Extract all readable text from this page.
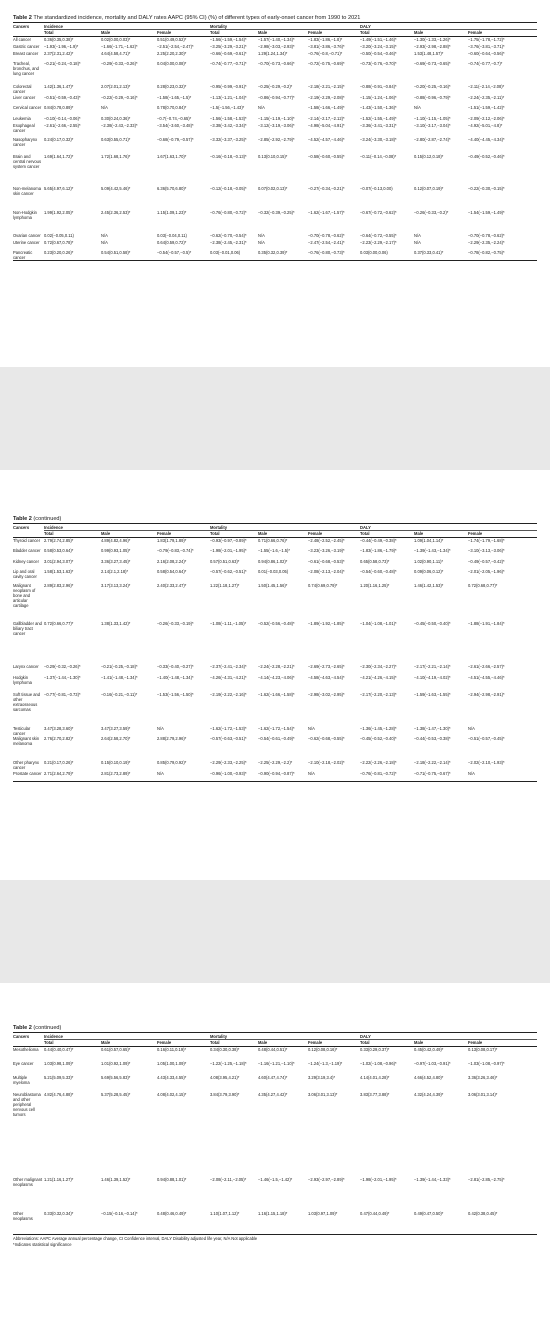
Table 2 The standardized incidence, mortality and DALY rates AAPC (95% CI) (%) of different types of early-onset cancer from 1990 to 2021

Cancers	Incidence			Mortality			DALY		
	Total	Male	Female	Total	Male	Female	Total	Male	Female
All cancer	0.36(0.35,0.38)*	0.02(0.00,0.03)*	0.51(0.49,0.52)*	−1.56(−1.59,−1.54)*	−1.57(−1.40,−1.34)*	−1.83(−1.86,−1.8)*	−1.49(−1.51,−1.46)*	−1.30(−1.33,−1.26)*	−1.75(−1.78,−1.72)*
Gastric cancer	−1.93(−1.96,−1.9)*	−1.66(−1.71,−1.62)*	−2.51(−2.54,−2.47)*	−3.25(−3.29,−3.21)*	−2.98(−3.03,−2.93)*	−3.81(−3.86,−3.76)*	−3.20(−3.24,−3.15)*	−2.93(−2.98,−2.88)*	−3.76(−3.81,−3.71)*
Breast cancer	2.37(2.31,2.42)*	4.64(4.58,4.71)*	2.25(2.20,2.30)*	−0.66(−0.69,−0.61)*	1.29(1.24,1.34)*	−0.76(−0.8,−0.71)*	−0.50(−0.54,−0.46)*	1.53(1.48,1.57)*	−0.60(−0.64,−0.56)*
Tracheal, bronchus, and lung cancer	−0.21(−0.24,−0.18)*	−0.29(−0.33,−0.26)*	0.04(0.00,0.08)*	−0.74(−0.77,−0.71)*	−0.70(−0.73,−0.66)*	−0.72(−0.75,−0.69)*	−0.73(−0.76,−0.70)*	−0.69(−0.73,−0.65)*	−0.74(−0.77,−0.7)*
Colorectal cancer	1.42(1.36,1.47)*	2.07(2.01,2.13)*	0.28(0.23,0.32)*	−0.95(−0.99,−0.91)*	−0.25(−0.29,−0.2)*	−2.18(−2.21,−2.15)*	−0.88(−0.91,−0.84)*	−0.20(−0.25,−0.16)*	−2.11(−2.14,−2.08)*
Liver cancer	−0.51(−0.59,−0.43)*	−0.22(−0.29,−0.16)*	−1.58(−1.65,−1.5)*	−1.13(−1.21,−1.04)*	−0.86(−0.94,−0.77)*	−2.19(−2.29,−2.08)*	−1.15(−1.24,−1.06)*	−0.88(−0.96,−0.79)*	−2.24(−2.35,−2.11)*
Cervical cancer	0.84(0.78,0.89)*	N/A	0.78(0.70,0.84)*	−1.5(−1.56,−1.43)*	N/A	−1.58(−1.66,−1.49)*	−1.43(−1.50,−1.36)*	N/A	−1.51(−1.59,−1.42)*
Leukemia	−0.10(−0.14,−0.06)*	0.30(0.24,0.36)*	−0.7(−0.74,−0.65)*	−1.56(−1.58,−1.53)*	−1.15(−1.19,−1.10)*	−2.14(−2.17,−2.12)*	−1.52(−1.55,−1.49)*	−1.10(−1.15,−1.05)*	−2.09(−2.12,−2.06)*
Esophageal cancer	−2.61(−2.66,−2.55)*	−2.38(−2.43,−2.33)*	−3.54(−3.60,−3.48)*	−3.38(−3.42,−3.34)*	−3.12(−3.19,−3.06)*	−4.98(−5.04,−4.91)*	−3.36(−3.41,−3.31)*	−3.10(−3.17,−3.04)*	−4.92(−5.01,−4.8)*
Nasopharynx cancer	0.24(0.17,0.32)*	0.63(0.55,0.71)*	−0.68(−0.79,−0.57)*	−3.32(−3.37,−3.25)*	−2.85(−2.92,−2.79)*	−4.52(−4.57,−4.46)*	−3.24(−3.30,−3.18)*	−2.80(−2.87,−2.74)*	−4.40(−4.45,−4.34)*
Brain and central nervous system cancer	1.69(1.64,1.72)*	1.72(1.68,1.76)*	1.67(1.63,1.70)*	−0.16(−0.18,−0.13)*	0.13(0.10,0.15)*	−0.58(−0.60,−0.55)*	−0.11(−0.14,−0.08)*	0.15(0.12,0.18)*	−0.49(−0.52,−0.46)*
Non-melanoma skin cancer	5.65(4.97,6.12)*	5.09(4.42,5.46)*	6.36(5.70,6.80)*	−0.12(−0.18,−0.05)*	0.07(0.02,0.13)*	−0.27(−0.34,−0.21)*	−0.07(−0.13,0.00)	0.12(0.07,0.19)*	−0.22(−0.30,−0.15)*
Non-Hodgkin lymphoma	1.99(1.92,2.05)*	2.45(2.36,2.53)*	1.15(1.09,1.23)*	−0.76(−0.80,−0.72)*	−0.32(−0.39,−0.25)*	−1.62(−1.67,−1.57)*	−0.67(−0.72,−0.62)*	−0.26(−0.33,−0.2)*	−1.54(−1.59,−1.49)*
Ovarian cancer	0.02(−0.05,0.11)	N/A	0.03(−0.04,0.11)	−0.62(−0.70,−0.54)*	N/A	−0.70(−0.78,−0.62)*	−0.64(−0.72,−0.55)*	N/A	−0.70(−0.78,−0.62)*
Uterine cancer	0.72(0.67,0.78)*	N/A	0.64(0.59,0.72)*	−2.38(−2.45,−2.31)*	N/A	−2.47(−2.54,−2.41)*	−2.23(−2.29,−2.17)*	N/A	−2.29(−2.35,−2.24)*
Pancreatic cancer	0.23(0.20,0.26)*	0.54(0.51,0.58)*	−0.54(−0.57,−0.5)*	0.03(−0.01,0.06)	0.35(0.32,0.39)*	−0.76(−0.80,−0.73)*	0.03(0.00,0.06)	0.37(0.33,0.41)*	−0.78(−0.82,−0.75)*

Table 2 (continued)

Cancers	Incidence			Mortality			DALY		
	Total	Male	Female	Total	Male	Female	Total	Male	Female
Thyroid cancer	2.79(2.74,2.85)*	4.89(4.82,4.96)*	1.83(1.79,1.89)*	−0.93(−0.97,−0.89)*	0.71(0.66,0.76)*	−2.48(−2.52,−2.45)*	−0.44(−0.49,−0.38)*	1.09(1.04,1.14)*	−1.74(−1.79,−1.68)*
Bladder cancer	0.58(0.53,0.64)*	0.99(0.93,1.05)*	−0.79(−0.83,−0.74)*	−1.98(−2.01,−1.95)*	−1.55(−1.6,−1.5)*	−3.23(−3.26,−3.19)*	−1.83(−1.86,−1.79)*	−1.39(−1.43,−1.34)*	−3.10(−3.13,−3.06)*
Kidney cancer	3.01(2.94,3.07)*	3.36(3.27,3.45)*	2.16(2.08,2.24)*	0.57(0.51,0.63)*	0.94(0.86,1.02)*	−0.61(−0.68,−0.53)*	0.65(0.58,0.73)*	1.02(0.90,1.11)*	−0.49(−0.57,−0.42)*
Lip and oral cavity cancer	1.58(1.53,1.63)*	2.14(2.1,2.18)*	0.58(0.54,0.64)*	−0.57(−0.62,−0.51)*	0.01(−0.03,0.05)	−2.08(−2.13,−2.04)*	−0.54(−0.60,−0.48)*	0.09(0.06,0.12)*	−2.01(−2.05,−1.96)*
Malignant neoplasm of bone and articular cartilage	2.89(2.83,2.96)*	3.17(3.13,3.24)*	2.40(2.33,2.47)*	1.22(1.18,1.27)*	1.50(1.45,1.56)*	0.74(0.69,0.79)*	1.20(1.16,1.25)*	1.46(1.42,1.53)*	0.72(0.68,0.77)*
Gallbladder and biliary tract cancer	0.72(0.66,0.77)*	1.38(1.33,1.42)*	−0.26(−0.33,−0.19)*	−1.08(−1.11,−1.05)*	−0.52(−0.56,−0.48)*	−1.89(−1.92,−1.85)*	−1.04(−1.08,−1.01)*	−0.45(−0.50,−0.40)*	−1.88(−1.91,−1.84)*
Larynx cancer	−0.29(−0.32,−0.26)*	−0.21(−0.25,−0.18)*	−0.33(−0.40,−0.27)*	−2.37(−2.41,−2.34)*	−2.24(−2.28,−2.21)*	−2.69(−2.73,−2.65)*	−2.30(−2.34,−2.27)*	−2.17(−2.21,−2.14)*	−2.61(−2.66,−2.57)*
Hodgkin lymphoma	−1.37(−1.44,−1.30)*	−1.41(−1.48,−1.34)*	−1.40(−1.48,−1.34)*	−4.26(−4.31,−4.21)*	−4.14(−4.23,−4.06)*	−4.58(−4.63,−4.54)*	−4.21(−4.26,−4.15)*	−4.10(−4.19,−4.02)*	−4.51(−4.55,−4.46)*
Soft tissue and other extraosseous sarcomas	−0.77(−0.81,−0.73)*	−0.16(−0.21,−0.11)*	−1.53(−1.56,−1.50)*	−2.19(−2.22,−2.16)*	−1.62(−1.66,−1.58)*	−2.98(−3.02,−2.95)*	−2.17(−2.20,−2.13)*	−1.59(−1.63,−1.55)*	−2.94(−2.98,−2.91)*
Testicular cancer	3.47(3.28,3.60)*	3.47(3.27,3.59)*	N/A	−1.62(−1.72,−1.53)*	−1.62(−1.72,−1.54)*	N/A	−1.36(−1.45,−1.28)*	−1.38(−1.47,−1.30)*	N/A
Malignant skin melanoma	2.76(2.70,2.82)*	2.64(2.58,2.70)*	2.88(2.79,2.96)*	−0.57(−0.63,−0.51)*	−0.54(−0.61,−0.49)*	−0.62(−0.68,−0.55)*	−0.45(−0.52,−0.40)*	−0.44(−0.53,−0.38)*	−0.51(−0.57,−0.45)*
Other pharynx cancer	0.21(0.17,0.26)*	0.15(0.10,0.19)*	0.85(0.79,0.92)*	−2.29(−2.33,−2.25)*	−2.25(−2.29,−2.2)*	−2.10(−2.18,−2.02)*	−2.22(−2.26,−2.18)*	−2.18(−2.22,−2.14)*	−2.02(−2.10,−1.93)*
Prostate cancer	2.71(2.64,2.79)*	2.81(2.73,2.89)*	N/A	−0.96(−1.00,−0.93)*	−0.90(−0.94,−0.87)*	N/A	−0.76(−0.81,−0.72)*	−0.71(−0.75,−0.67)*	N/A

Table 2 (continued)

Cancers	Incidence			Mortality			DALY		
	Total	Male	Female	Total	Male	Female	Total	Male	Female
Mesothelioma	0.44(0.40,0.47)*	0.61(0.57,0.65)*	0.16(0.11,0.19)*	0.34(0.30,0.38)*	0.48(0.44,0.51)*	0.12(0.08,0.16)*	0.33(0.29,0.37)*	0.45(0.42,0.49)*	0.13(0.08,0.17)*
Eye cancer	1.03(0.98,1.09)*	1.01(0.92,1.09)*	1.05(1.00,1.09)*	−1.22(−1.25,−1.18)*	−1.16(−1.21,−1.10)*	−1.24(−1.3,−1.19)*	−1.02(−1.08,−0.96)*	−0.97(−1.03,−0.91)*	−1.03(−1.08,−0.97)*
Multiple myeloma	5.21(5.09,5.33)*	5.69(5.56,5.83)*	4.43(4.33,4.55)*	4.08(3.95,4.21)*	4.60(4.47,4.74)*	3.29(3.19,3.4)*	4.14(4.01,4.28)*	4.66(4.52,4.80)*	3.36(3.26,3.46)*
Neuroblastoma and other peripheral nervous cell tumors	4.82(4.76,4.88)*	5.37(5.28,5.45)*	4.08(4.02,4.15)*	3.84(3.79,3.90)*	4.35(4.27,4.42)*	3.06(3.01,3.13)*	3.83(3.77,3.88)*	4.32(4.24,4.39)*	3.06(3.01,3.14)*
Other malignant neoplasms	1.21(1.16,1.27)*	1.46(1.39,1.52)*	0.94(0.88,1.01)*	−2.08(−2.11,−2.05)*	−1.46(−1.5,−1.42)*	−2.93(−2.97,−2.89)*	−1.98(−2.01,−1.95)*	−1.39(−1.44,−1.33)*	−2.81(−2.85,−2.75)*
Other neoplasms	0.33(0.32,0.34)*	−0.15(−0.16,−0.14)*	0.48(0.46,0.49)*	1.10(1.07,1.12)*	1.16(1.15,1.18)*	1.03(0.97,1.09)*	0.47(0.44,0.49)*	0.49(0.47,0.50)*	0.42(0.38,0.45)*

Abbreviations: AAPC Average annual percentage change, CI Confidence interval, DALY Disability adjusted life year, N/A Not applicable

*Indicates statistical significance
